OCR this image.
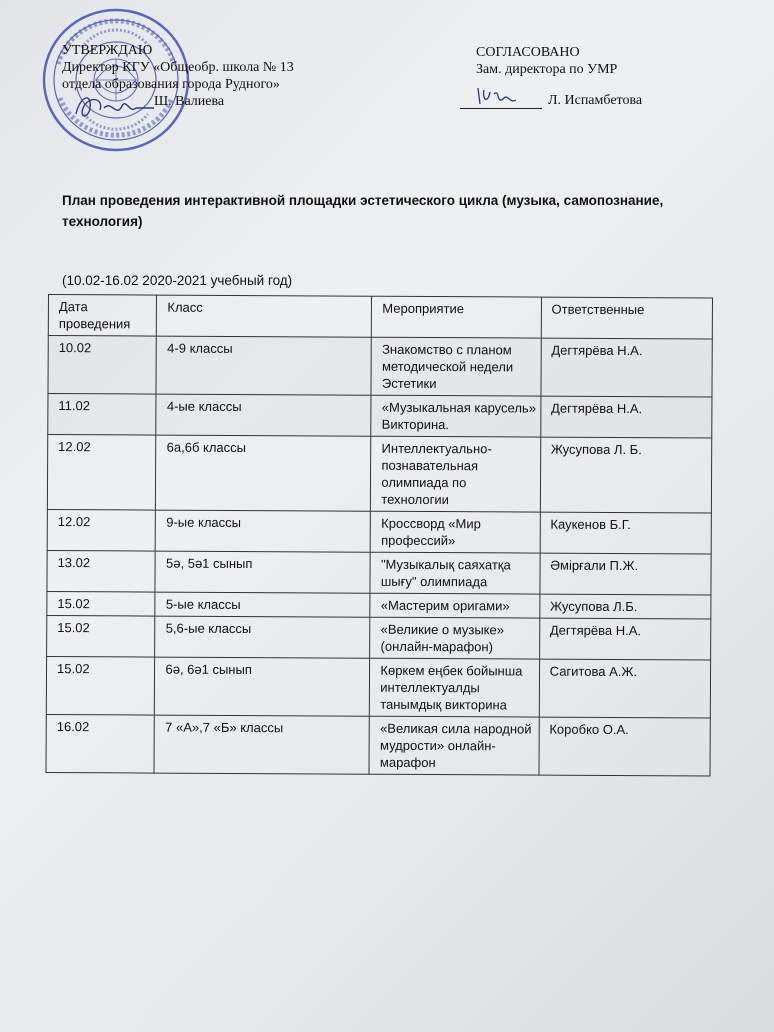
УТВЕРЖДАЮ
Директор КГУ «Общеобр. школа № 13
отдела образования города Рудного»
Ш. Валиева
СОГЛАСОВАНО
Зам. директора по УМР
Л. Испамбетова
План проведения интерактивной площадки эстетического цикла (музыка, самопознание, технология)
(10.02-16.02 2020-2021 учебный год)
Дата проведения	Класс	Мероприятие	Ответственные
10.02	4-9 классы	Знакомство с планом методической недели Эстетики	Дегтярёва Н.А.
11.02	4-ые классы	«Музыкальная карусель» Викторина.	Дегтярёва Н.А.
12.02	6а,6б классы	Интеллектуально-познавательная олимпиада по технологии	Жусупова Л. Б.
12.02	9-ые классы	Кроссворд «Мир профессий»	Каукенов Б.Г.
13.02	5ә, 5ә1 сынып	"Музыкалық саяхатқа шығу" олимпиада	Әмірғали П.Ж.
15.02	5-ые классы	«Мастерим оригами»	Жусупова Л.Б.
15.02	5,6-ые классы	«Великие о музыке» (онлайн-марафон)	Дегтярёва Н.А.
15.02	6ә, 6ә1 сынып	Көркем еңбек бойынша интеллектуалды танымдық викторина	Сагитова А.Ж.
16.02	7 «А»,7 «Б» классы	«Великая сила народной мудрости» онлайн-марафон	Коробко О.А.
